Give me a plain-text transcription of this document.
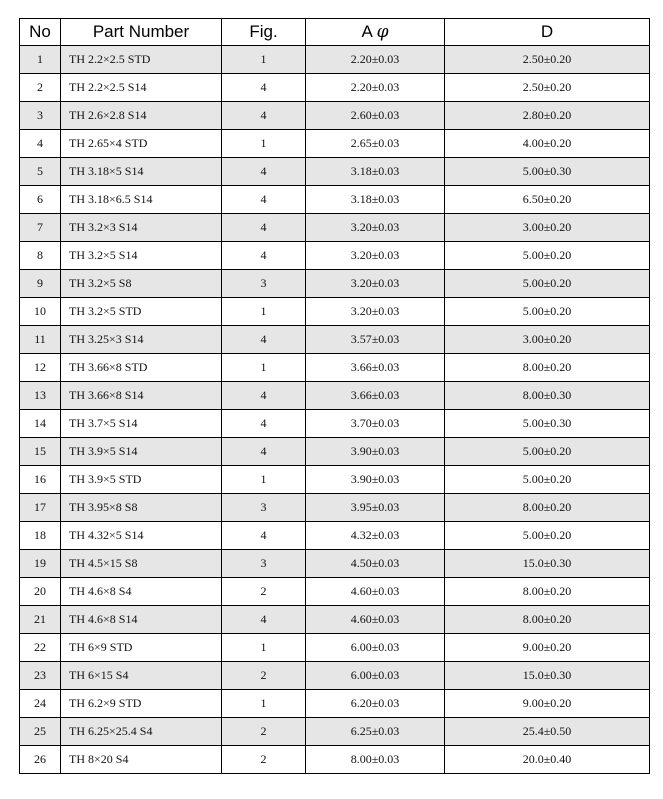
No	Part Number	Fig.	A φ	D
1	TH 2.2×2.5 STD	1	2.20±0.03	2.50±0.20
2	TH 2.2×2.5 S14	4	2.20±0.03	2.50±0.20
3	TH 2.6×2.8 S14	4	2.60±0.03	2.80±0.20
4	TH 2.65×4 STD	1	2.65±0.03	4.00±0.20
5	TH 3.18×5 S14	4	3.18±0.03	5.00±0.30
6	TH 3.18×6.5 S14	4	3.18±0.03	6.50±0.20
7	TH 3.2×3 S14	4	3.20±0.03	3.00±0.20
8	TH 3.2×5 S14	4	3.20±0.03	5.00±0.20
9	TH 3.2×5 S8	3	3.20±0.03	5.00±0.20
10	TH 3.2×5 STD	1	3.20±0.03	5.00±0.20
11	TH 3.25×3 S14	4	3.57±0.03	3.00±0.20
12	TH 3.66×8 STD	1	3.66±0.03	8.00±0.20
13	TH 3.66×8 S14	4	3.66±0.03	8.00±0.30
14	TH 3.7×5 S14	4	3.70±0.03	5.00±0.30
15	TH 3.9×5 S14	4	3.90±0.03	5.00±0.20
16	TH 3.9×5 STD	1	3.90±0.03	5.00±0.20
17	TH 3.95×8 S8	3	3.95±0.03	8.00±0.20
18	TH 4.32×5 S14	4	4.32±0.03	5.00±0.20
19	TH 4.5×15 S8	3	4.50±0.03	15.0±0.30
20	TH 4.6×8 S4	2	4.60±0.03	8.00±0.20
21	TH 4.6×8 S14	4	4.60±0.03	8.00±0.20
22	TH 6×9 STD	1	6.00±0.03	9.00±0.20
23	TH 6×15 S4	2	6.00±0.03	15.0±0.30
24	TH 6.2×9 STD	1	6.20±0.03	9.00±0.20
25	TH 6.25×25.4 S4	2	6.25±0.03	25.4±0.50
26	TH 8×20 S4	2	8.00±0.03	20.0±0.40
